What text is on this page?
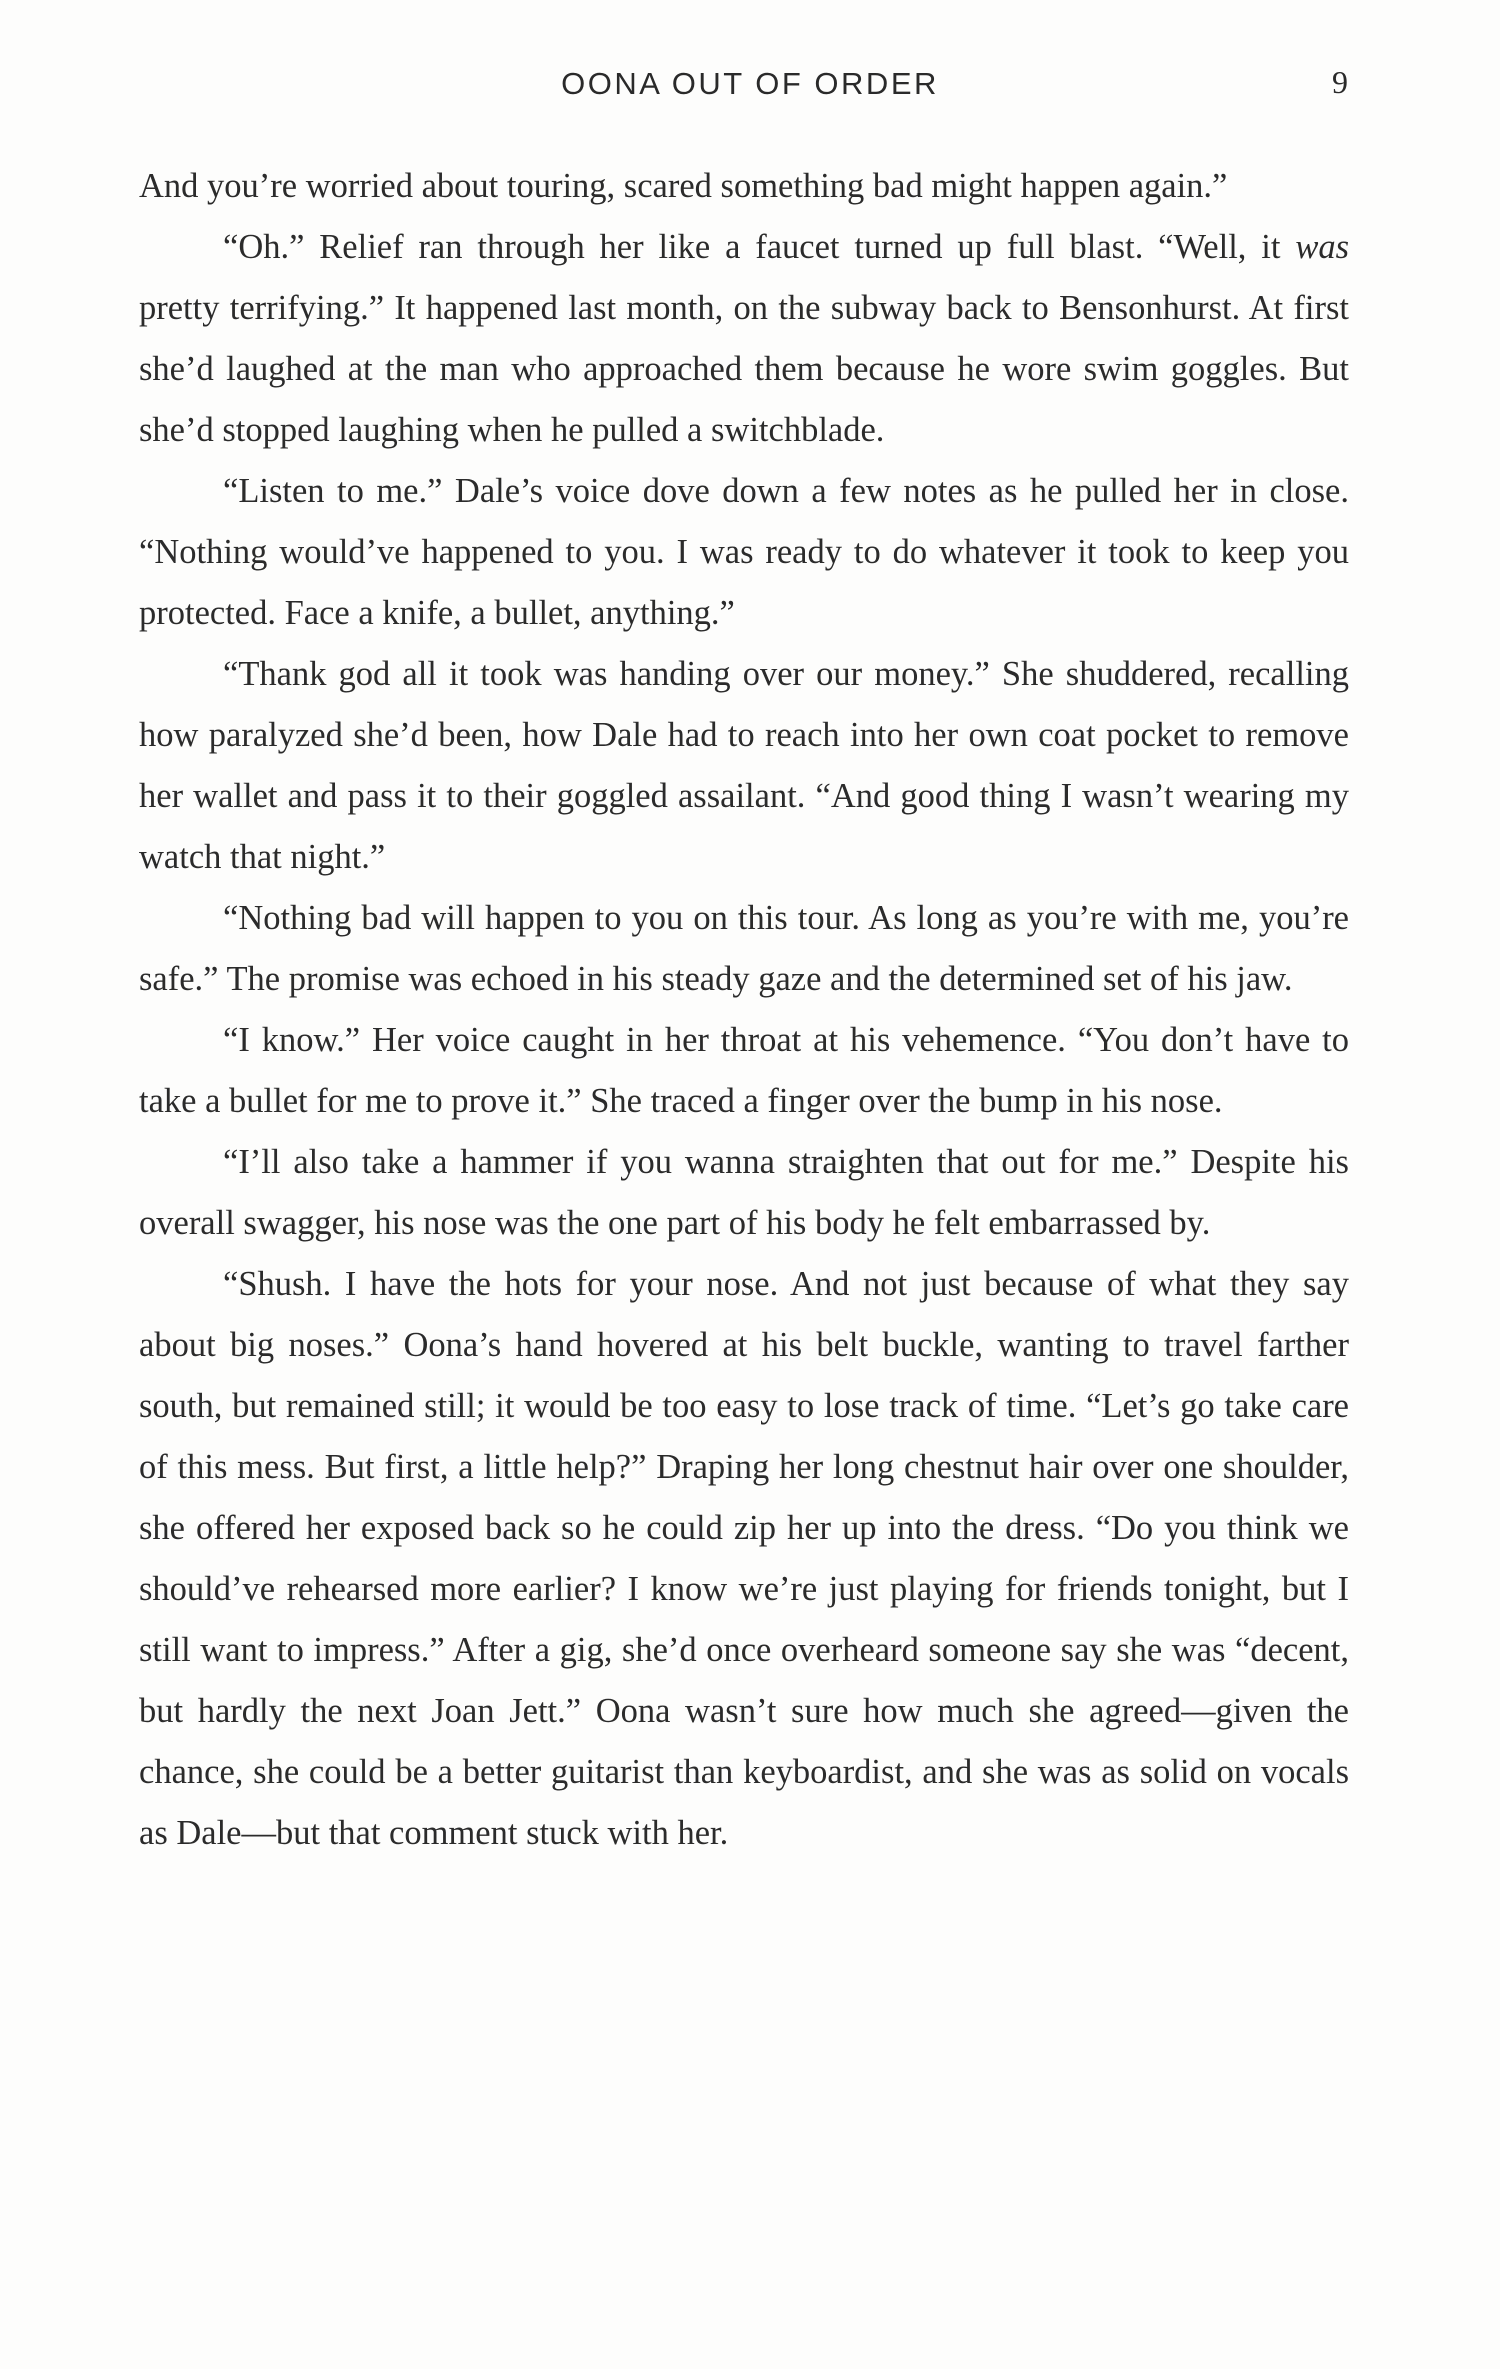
OONA OUT OF ORDER	9

And you’re worried about touring, scared something bad might happen again.”

“Oh.” Relief ran through her like a faucet turned up full blast. “Well, it was pretty terrifying.” It happened last month, on the subway back to Bensonhurst. At first she’d laughed at the man who approached them because he wore swim goggles. But she’d stopped laughing when he pulled a switchblade.

“Listen to me.” Dale’s voice dove down a few notes as he pulled her in close. “Nothing would’ve happened to you. I was ready to do whatever it took to keep you protected. Face a knife, a bullet, anything.”

“Thank god all it took was handing over our money.” She shuddered, recalling how paralyzed she’d been, how Dale had to reach into her own coat pocket to remove her wallet and pass it to their goggled assailant. “And good thing I wasn’t wearing my watch that night.”

“Nothing bad will happen to you on this tour. As long as you’re with me, you’re safe.” The promise was echoed in his steady gaze and the determined set of his jaw.

“I know.” Her voice caught in her throat at his vehemence. “You don’t have to take a bullet for me to prove it.” She traced a finger over the bump in his nose.

“I’ll also take a hammer if you wanna straighten that out for me.” Despite his overall swagger, his nose was the one part of his body he felt embarrassed by.

“Shush. I have the hots for your nose. And not just because of what they say about big noses.” Oona’s hand hovered at his belt buckle, wanting to travel farther south, but remained still; it would be too easy to lose track of time. “Let’s go take care of this mess. But first, a little help?” Draping her long chestnut hair over one shoulder, she offered her exposed back so he could zip her up into the dress. “Do you think we should’ve rehearsed more earlier? I know we’re just playing for friends tonight, but I still want to impress.” After a gig, she’d once overheard someone say she was “decent, but hardly the next Joan Jett.” Oona wasn’t sure how much she agreed—given the chance, she could be a better guitarist than keyboardist, and she was as solid on vocals as Dale—but that comment stuck with her.
